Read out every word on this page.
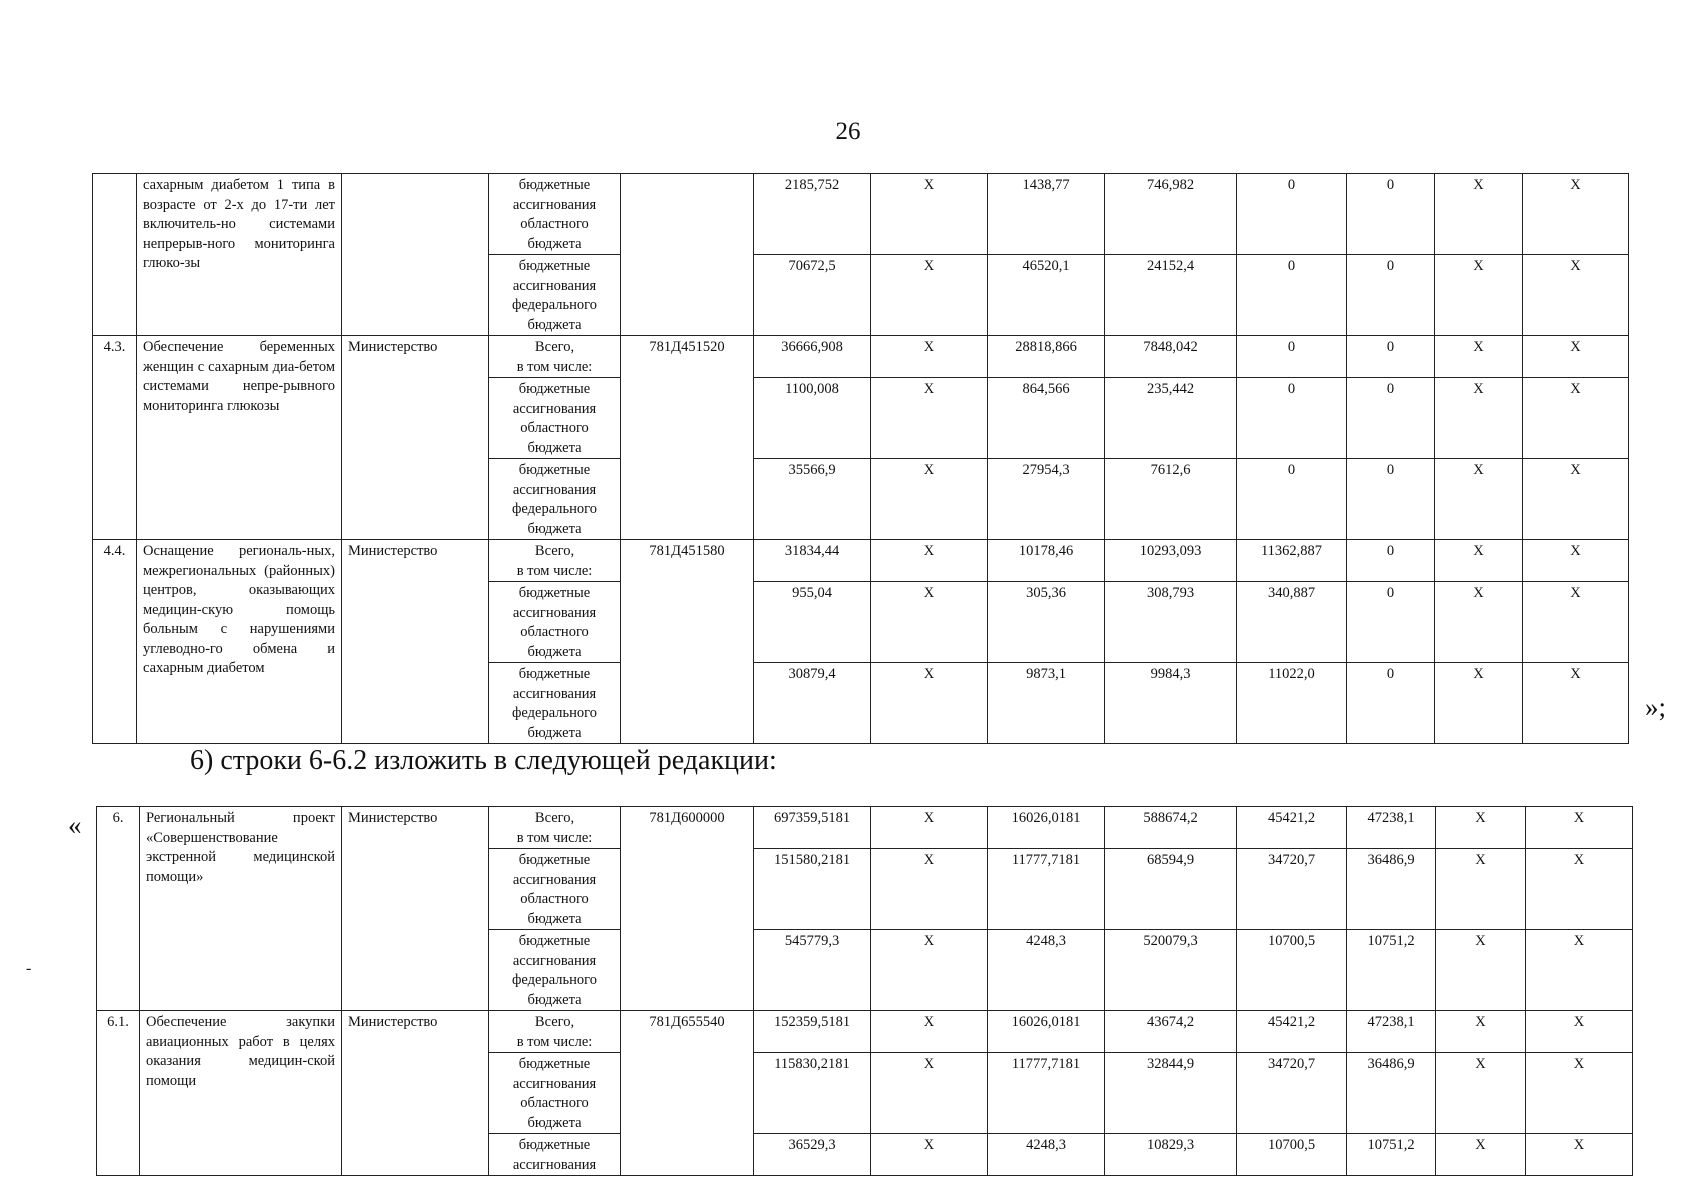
26
	сахарным диабетом 1 типа в возрасте от 2-х до 17-ти лет включитель-но системами непрерыв-ного мониторинга глюко-зы		бюджетные
ассигнования
областного
бюджета		2185,752	X	1438,77	746,982	0	0	X	X
			бюджетные
ассигнования
федерального
бюджета		70672,5	X	46520,1	24152,4	0	0	X	X
4.3.	Обеспечение беременных женщин с сахарным диа-бетом системами непре-рывного мониторинга глюкозы	Министерство	Всего,
в том числе:	781Д451520	36666,908	X	28818,866	7848,042	0	0	X	X
			бюджетные
ассигнования
областного
бюджета		1100,008	X	864,566	235,442	0	0	X	X
			бюджетные
ассигнования
федерального
бюджета		35566,9	X	27954,3	7612,6	0	0	X	X
4.4.	Оснащение региональ-ных, межрегиональных (районных) центров, оказывающих медицин-скую помощь больным с нарушениями углеводно-го обмена и сахарным диабетом	Министерство	Всего,
в том числе:	781Д451580	31834,44	X	10178,46	10293,093	11362,887	0	X	X
			бюджетные
ассигнования
областного
бюджета		955,04	X	305,36	308,793	340,887	0	X	X
			бюджетные
ассигнования
федерального
бюджета		30879,4	X	9873,1	9984,3	11022,0	0	X	X
»;
6) строки 6-6.2 изложить в следующей редакции:
«
-
6.	Региональный проект «Совершенствование экстренной медицинской помощи»	Министерство	Всего,
в том числе:	781Д600000	697359,5181	X	16026,0181	588674,2	45421,2	47238,1	X	X
			бюджетные
ассигнования
областного
бюджета		151580,2181	X	11777,7181	68594,9	34720,7	36486,9	X	X
			бюджетные
ассигнования
федерального
бюджета		545779,3	X	4248,3	520079,3	10700,5	10751,2	X	X
6.1.	Обеспечение закупки авиационных работ в целях оказания медицин-ской помощи	Министерство	Всего,
в том числе:	781Д655540	152359,5181	X	16026,0181	43674,2	45421,2	47238,1	X	X
			бюджетные
ассигнования
областного
бюджета		115830,2181	X	11777,7181	32844,9	34720,7	36486,9	X	X
			бюджетные
ассигнования		36529,3	X	4248,3	10829,3	10700,5	10751,2	X	X
